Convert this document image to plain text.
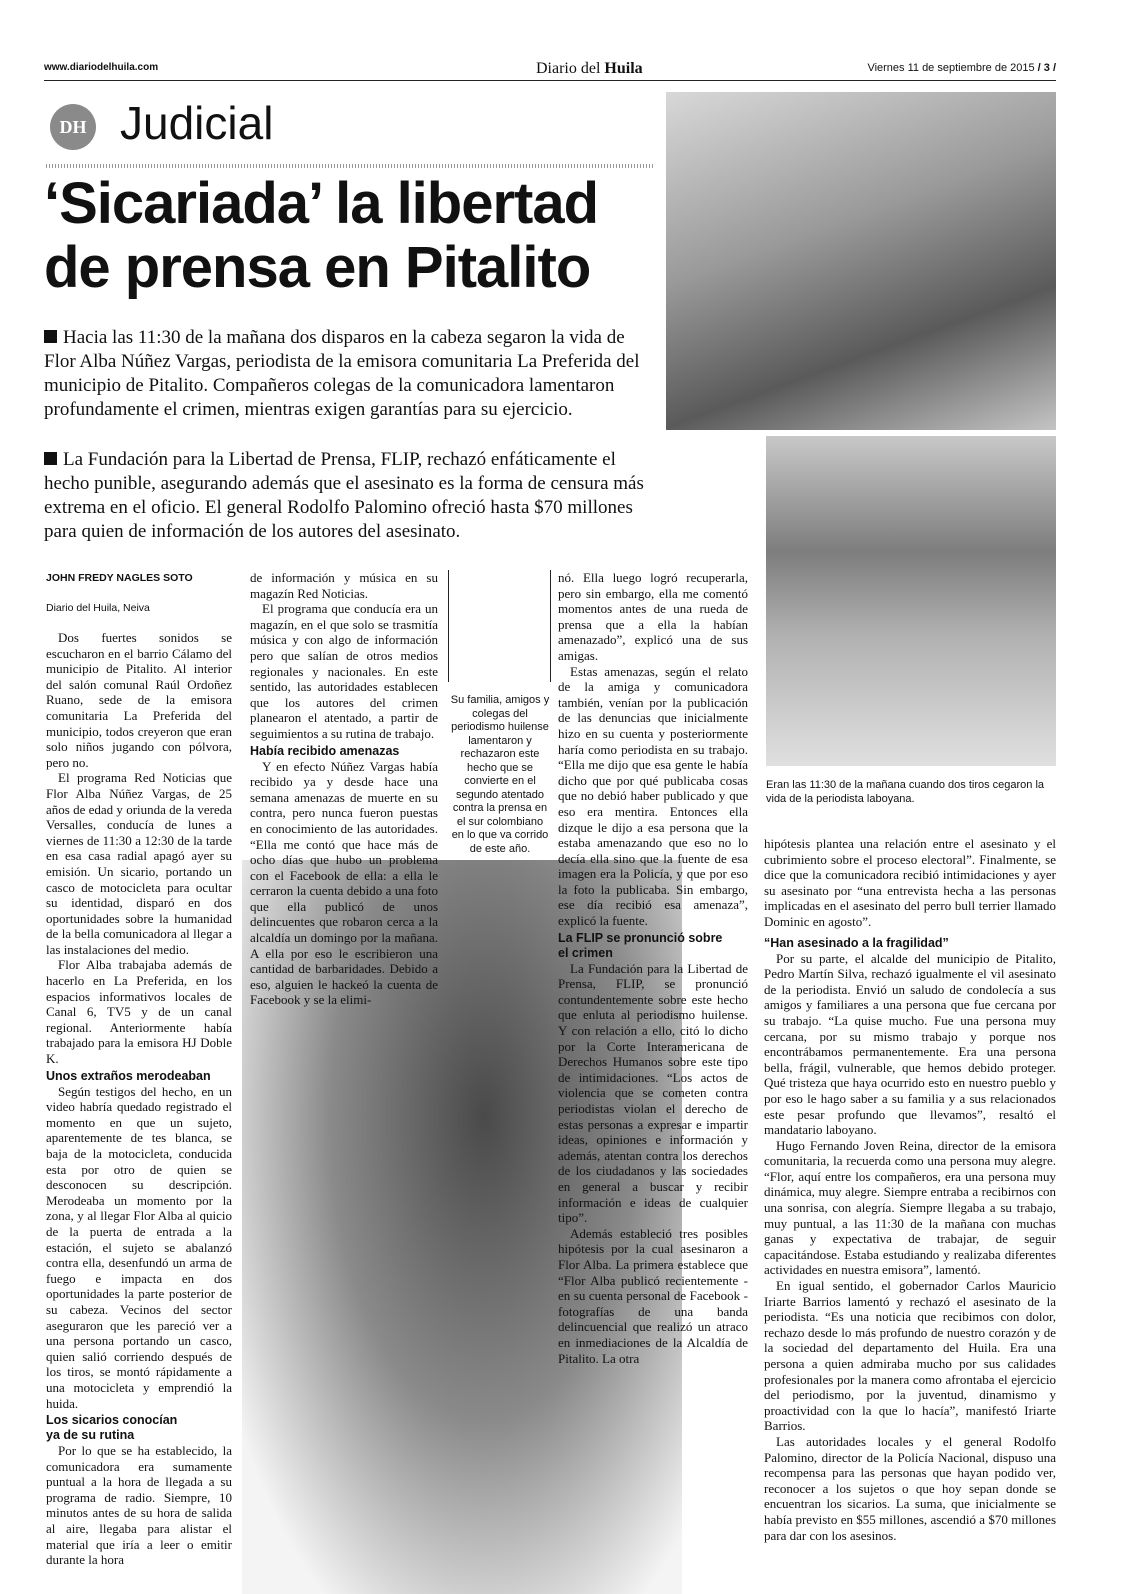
www.diariodelhuila.com	Diario del Huila	Viernes 11 de septiembre de 2015 / 3 /
DH Judicial
‘Sicariada’ la libertad
de prensa en Pitalito
Hacia las 11:30 de la mañana dos disparos en la cabeza segaron la vida de Flor Alba Núñez Vargas, periodista de la emisora comunitaria La Preferida del municipio de Pitalito. Compañeros colegas de la comunicadora lamentaron profundamente el crimen, mientras exigen garantías para su ejercicio.
La Fundación para la Libertad de Prensa, FLIP, rechazó enfáticamente el hecho punible, asegurando además que el asesinato es la forma de censura más extrema en el oficio. El general Rodolfo Palomino ofreció hasta $70 millones para quien de información de los autores del asesinato.
Eran las 11:30 de la mañana cuando dos tiros cegaron la vida de la periodista laboyana.
JOHN FREDY NAGLES SOTO
Diario del Huila, Neiva

Dos fuertes sonidos se escucharon en el barrio Cálamo del municipio de Pitalito. Al interior del salón comunal Raúl Ordoñez Ruano, sede de la emisora comunitaria La Preferida del municipio, todos creyeron que eran solo niños jugando con pólvora, pero no.

El programa Red Noticias que Flor Alba Núñez Vargas, de 25 años de edad y oriunda de la vereda Versalles, conducía de lunes a viernes de 11:30 a 12:30 de la tarde en esa casa radial apagó ayer su emisión. Un sicario, portando un casco de motocicleta para ocultar su identidad, disparó en dos oportunidades sobre la humanidad de la bella comunicadora al llegar a las instalaciones del medio.

Flor Alba trabajaba además de hacerlo en La Preferida, en los espacios informativos locales de Canal 6, TV5 y de un canal regional. Anteriormente había trabajado para la emisora HJ Doble K.

Unos extraños merodeaban

Según testigos del hecho, en un video habría quedado registrado el momento en que un sujeto, aparentemente de tes blanca, se baja de la motocicleta, conducida esta por otro de quien se desconocen su descripción. Merodeaba un momento por la zona, y al llegar Flor Alba al quicio de la puerta de entrada a la estación, el sujeto se abalanzó contra ella, desenfundó un arma de fuego e impacta en dos oportunidades la parte posterior de su cabeza. Vecinos del sector aseguraron que les pareció ver a una persona portando un casco, quien salió corriendo después de los tiros, se montó rápidamente a una motocicleta y emprendió la huida.

Los sicarios conocían
ya de su rutina

Por lo que se ha establecido, la comunicadora era sumamente puntual a la hora de llegada a su programa de radio. Siempre, 10 minutos antes de su hora de salida al aire, llegaba para alistar el material que iría a leer o emitir durante la hora

de información y música en su magazín Red Noticias.

El programa que conducía era un magazín, en el que solo se trasmitía música y con algo de información pero que salían de otros medios regionales y nacionales. En este sentido, las autoridades establecen que los autores del crimen planearon el atentado, a partir de seguimientos a su rutina de trabajo.

Había recibido amenazas

Y en efecto Núñez Vargas había recibido ya y desde hace una semana amenazas de muerte en su contra, pero nunca fueron puestas en conocimiento de las autoridades. “Ella me contó que hace más de ocho días que hubo un problema con el Facebook de ella: a ella le cerraron la cuenta debido a una foto que ella publicó de unos delincuentes que robaron cerca a la alcaldía un domingo por la mañana. A ella por eso le escribieron una cantidad de barbaridades. Debido a eso, alguien le hackeó la cuenta de Facebook y se la elimi-

Su familia, amigos y colegas del periodismo huilense lamentaron y rechazaron este hecho que se convierte en el segundo atentado contra la prensa en el sur colombiano en lo que va corrido de este año.

nó. Ella luego logró recuperarla, pero sin embargo, ella me comentó momentos antes de una rueda de prensa que a ella la habían amenazado”, explicó una de sus amigas.

Estas amenazas, según el relato de la amiga y comunicadora también, venían por la publicación de las denuncias que inicialmente hizo en su cuenta y posteriormente haría como periodista en su trabajo. “Ella me dijo que esa gente le había dicho que por qué publicaba cosas que no debió haber publicado y que eso era mentira. Entonces ella dizque le dijo a esa persona que la estaba amenazando que eso no lo decía ella sino que la fuente de esa imagen era la Policía, y que por eso la foto la publicaba. Sin embargo, ese día recibió esa amenaza”, explicó la fuente.

La FLIP se pronunció sobre
el crimen

La Fundación para la Libertad de Prensa, FLIP, se pronunció contundentemente sobre este hecho que enluta al periodismo huilense. Y con relación a ello, citó lo dicho por la Corte Interamericana de Derechos Humanos sobre este tipo de intimidaciones. “Los actos de violencia que se cometen contra periodistas violan el derecho de estas personas a expresar e impartir ideas, opiniones e información y además, atentan contra los derechos de los ciudadanos y las sociedades en general a buscar y recibir información e ideas de cualquier tipo”.

Además estableció tres posibles hipótesis por la cual asesinaron a Flor Alba. La primera establece que “Flor Alba publicó recientemente - en su cuenta personal de Facebook - fotografías de una banda delincuencial que realizó un atraco en inmediaciones de la Alcaldía de Pitalito. La otra

hipótesis plantea una relación entre el asesinato y el cubrimiento sobre el proceso electoral”. Finalmente, se dice que la comunicadora recibió intimidaciones y ayer su asesinato por “una entrevista hecha a las personas implicadas en el asesinato del perro bull terrier llamado Dominic en agosto”.

“Han asesinado a la fragilidad”

Por su parte, el alcalde del municipio de Pitalito, Pedro Martín Silva, rechazó igualmente el vil asesinato de la periodista. Envió un saludo de condolecía a sus amigos y familiares a una persona que fue cercana por su trabajo. “La quise mucho. Fue una persona muy cercana, por su mismo trabajo y porque nos encontrábamos permanentemente. Era una persona bella, frágil, vulnerable, que hemos debido proteger. Qué tristeza que haya ocurrido esto en nuestro pueblo y por eso le hago saber a su familia y a sus relacionados este pesar profundo que llevamos”, resaltó el mandatario laboyano.

Hugo Fernando Joven Reina, director de la emisora comunitaria, la recuerda como una persona muy alegre. “Flor, aquí entre los compañeros, era una persona muy dinámica, muy alegre. Siempre entraba a recibirnos con una sonrisa, con alegría. Siempre llegaba a su trabajo, muy puntual, a las 11:30 de la mañana con muchas ganas y expectativa de trabajar, de seguir capacitándose. Estaba estudiando y realizaba diferentes actividades en nuestra emisora”, lamentó.

En igual sentido, el gobernador Carlos Mauricio Iriarte Barrios lamentó y rechazó el asesinato de la periodista. “Es una noticia que recibimos con dolor, rechazo desde lo más profundo de nuestro corazón y de la sociedad del departamento del Huila. Era una persona a quien admiraba mucho por sus calidades profesionales por la manera como afrontaba el ejercicio del periodismo, por la juventud, dinamismo y proactividad con la que lo hacía”, manifestó Iriarte Barrios.

Las autoridades locales y el general Rodolfo Palomino, director de la Policía Nacional, dispuso una recompensa para las personas que hayan podido ver, reconocer a los sujetos o que hoy sepan donde se encuentran los sicarios. La suma, que inicialmente se había previsto en $55 millones, ascendió a $70 millones para dar con los asesinos.
